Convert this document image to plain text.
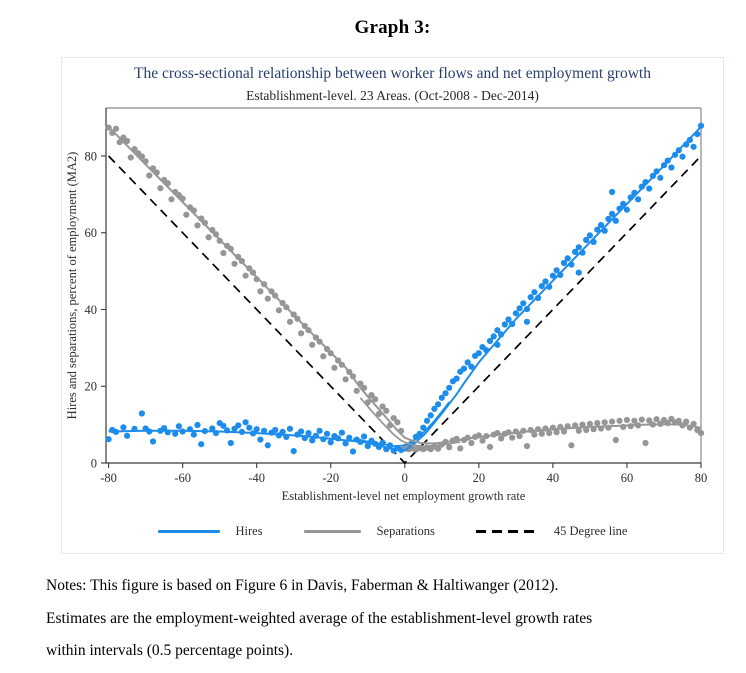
Graph 3:
The cross-sectional relationship between worker flows and net employment growth
Establishment-level. 23 Areas. (Oct-2008 - Dec-2014)
-80	-60	-40	-20	0	20	40	60	80
0
20
40
60
80
Establishment-level net employment growth rate
Hires and separations, percent of employment (MA2)
Hires	Separations	45 Degree line
Notes: This figure is based on Figure 6 in Davis, Faberman & Haltiwanger (2012).
Estimates are the employment-weighted average of the establishment-level growth rates
within intervals (0.5 percentage points).
